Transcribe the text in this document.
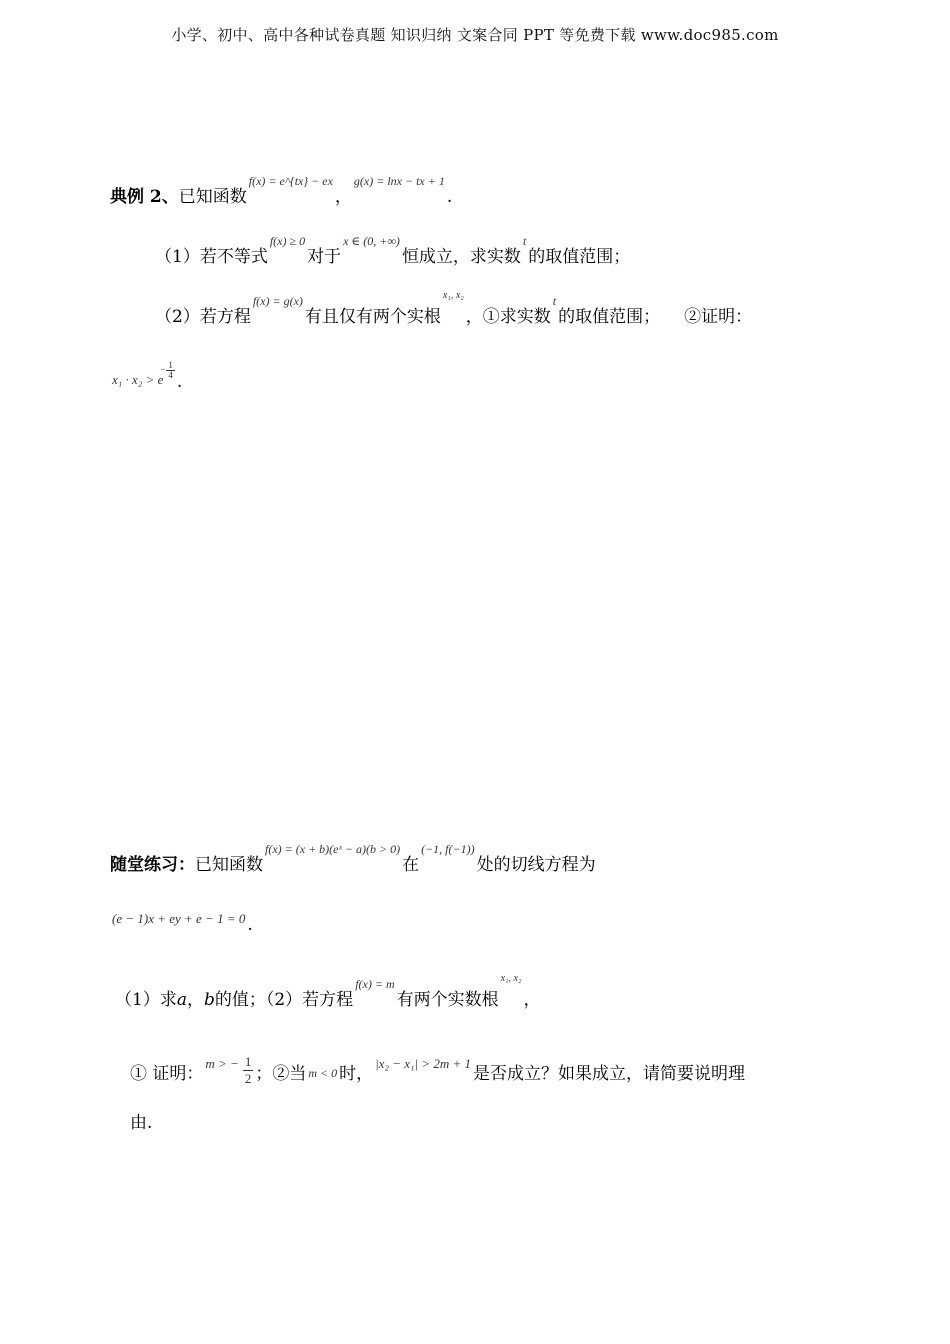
小学、初中、高中各种试卷真题 知识归纳 文案合同 PPT 等免费下载 www.doc985.com
典例 2、已知函数f(x) = e^{tx} − ex，g(x) = lnx − tx + 1.
（1）若不等式f(x) ≥ 0对于x ∈ (0, +∞)恒成立，求实数t的取值范围；
（2）若方程f(x) = g(x)有且仅有两个实根x₁, x₂，①求实数t的取值范围； ②证明：
x₁ · x₂ > e
− 1
4 .
随堂练习：已知函数f(x) = (x + b)(eˣ − a)(b > 0)在(−1, f(−1))处的切线方程为
(e − 1)x + ey + e − 1 = 0 .
（1）求a，b的值；（2）若方程f(x) = m有两个实数根x₁, x₂，
① 证明：m > − $\frac{1}{2}$ ；②当 m < 0 时，|x₂ − x₁| > 2m + 1是否成立？如果成立，请简要说明理
由.
